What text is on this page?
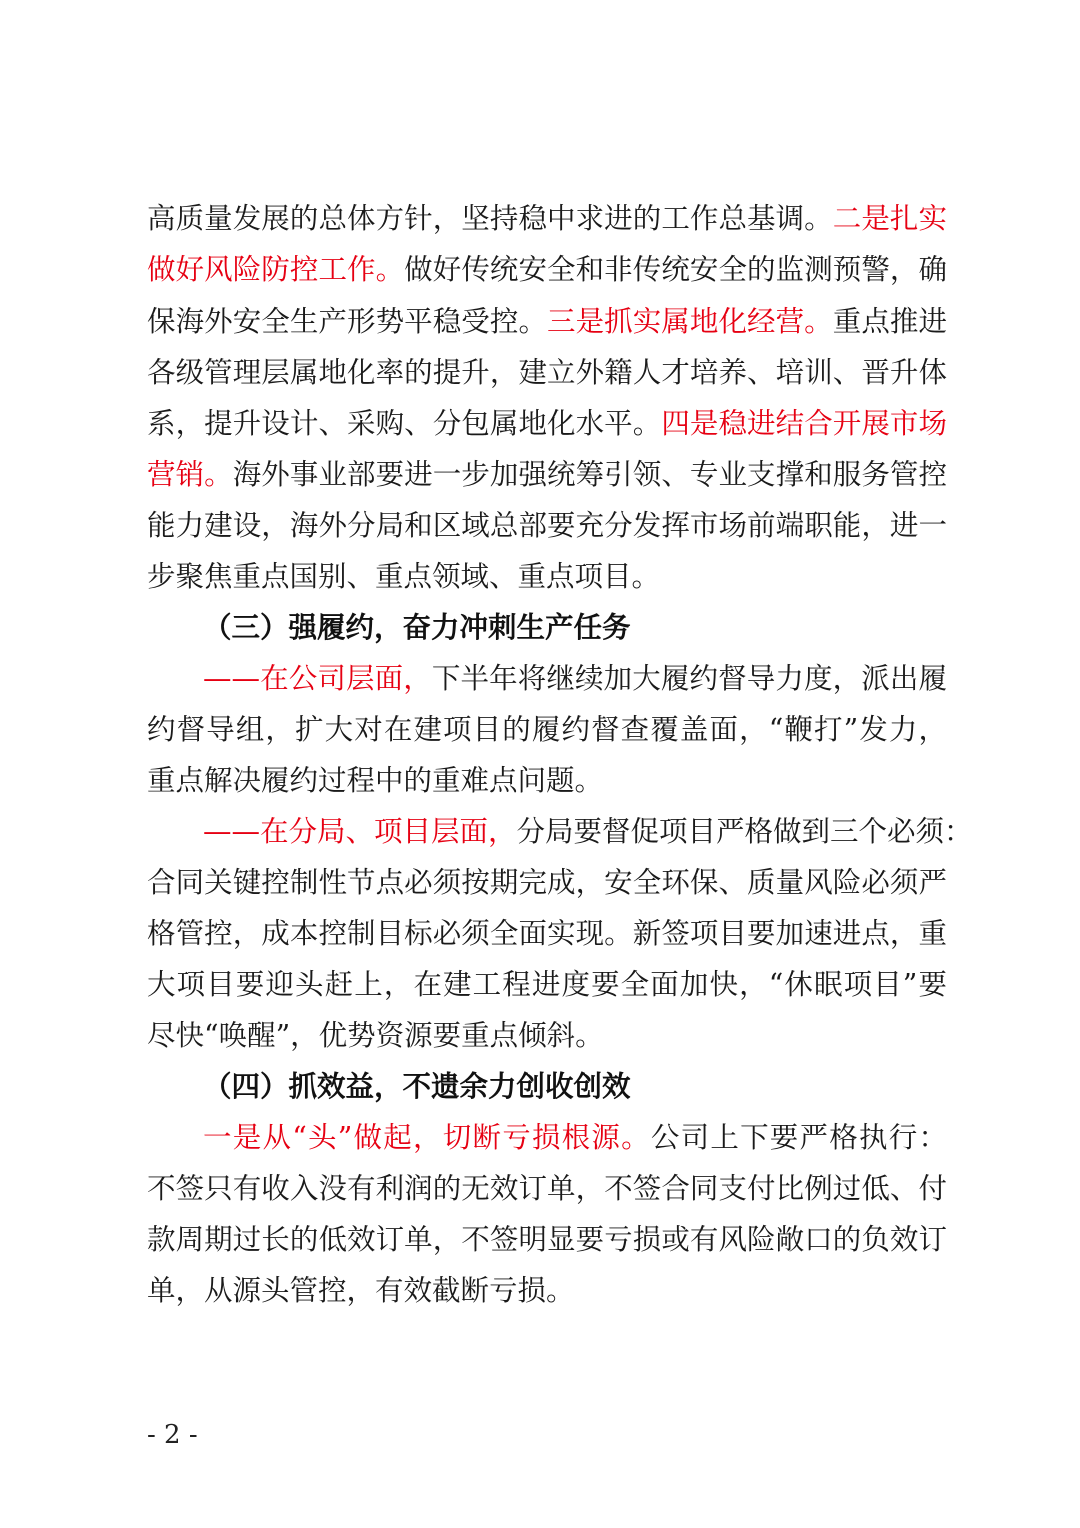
高质量发展的总体方针，坚持稳中求进的工作总基调。二是扎实
做好风险防控工作。做好传统安全和非传统安全的监测预警，确
保海外安全生产形势平稳受控。三是抓实属地化经营。重点推进
各级管理层属地化率的提升，建立外籍人才培养、培训、晋升体
系，提升设计、采购、分包属地化水平。四是稳进结合开展市场
营销。海外事业部要进一步加强统筹引领、专业支撑和服务管控
能力建设，海外分局和区域总部要充分发挥市场前端职能，进一
步聚焦重点国别、重点领域、重点项目。
（三）强履约，奋力冲刺生产任务
——在公司层面，下半年将继续加大履约督导力度，派出履
约督导组，扩大对在建项目的履约督查覆盖面，“鞭打”发力，
重点解决履约过程中的重难点问题。
——在分局、项目层面，分局要督促项目严格做到三个必须：
合同关键控制性节点必须按期完成，安全环保、质量风险必须严
格管控，成本控制目标必须全面实现。新签项目要加速进点，重
大项目要迎头赶上，在建工程进度要全面加快，“休眠项目”要
尽快“唤醒”，优势资源要重点倾斜。
（四）抓效益，不遗余力创收创效
一是从“头”做起，切断亏损根源。公司上下要严格执行：
不签只有收入没有利润的无效订单，不签合同支付比例过低、付
款周期过长的低效订单，不签明显要亏损或有风险敞口的负效订
单，从源头管控，有效截断亏损。
- 2 -
